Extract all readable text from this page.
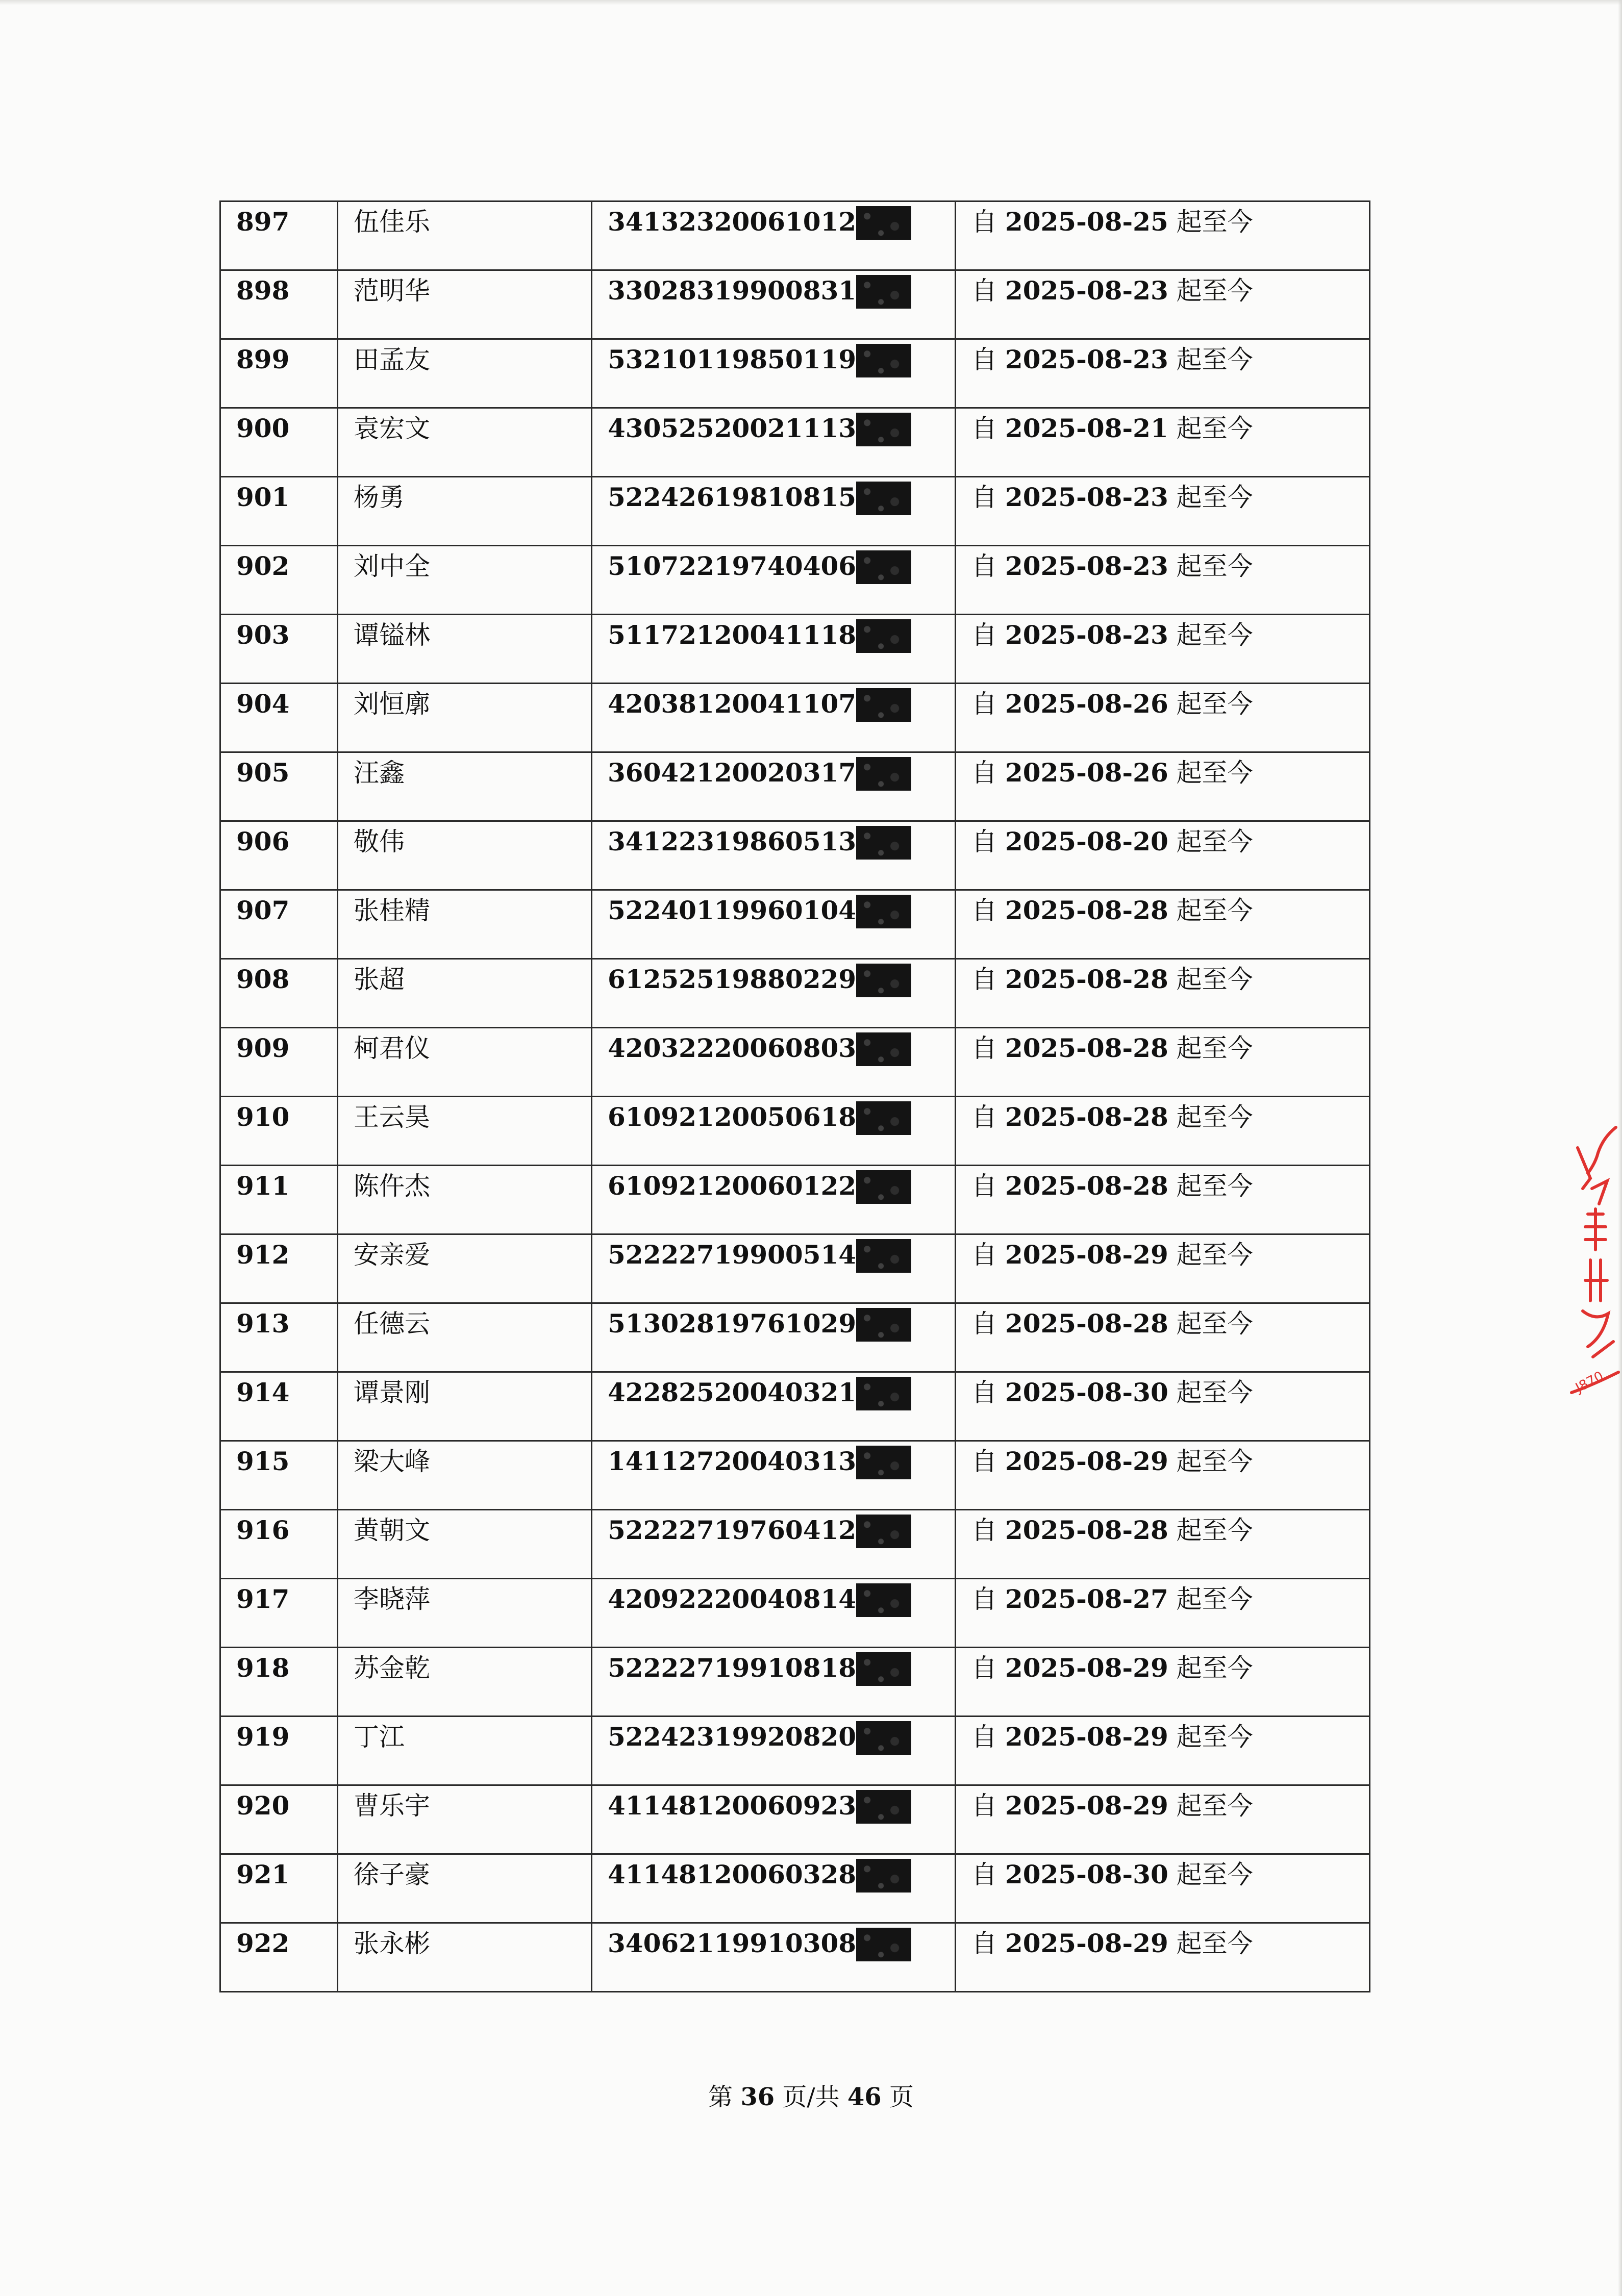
897	伍佳乐	34132320061012	自 2025-08-25 起至今

898	范明华	33028319900831	自 2025-08-23 起至今

899	田孟友	53210119850119	自 2025-08-23 起至今

900	袁宏文	43052520021113	自 2025-08-21 起至今

901	杨勇	52242619810815	自 2025-08-23 起至今

902	刘中全	51072219740406	自 2025-08-23 起至今

903	谭镒林	51172120041118	自 2025-08-23 起至今

904	刘恒廓	42038120041107	自 2025-08-26 起至今

905	汪鑫	36042120020317	自 2025-08-26 起至今

906	敬伟	34122319860513	自 2025-08-20 起至今

907	张桂精	52240119960104	自 2025-08-28 起至今

908	张超	61252519880229	自 2025-08-28 起至今

909	柯君仪	42032220060803	自 2025-08-28 起至今

910	王云昊	61092120050618	自 2025-08-28 起至今

911	陈仵杰	61092120060122	自 2025-08-28 起至今

912	安亲爱	52222719900514	自 2025-08-29 起至今

913	任德云	51302819761029	自 2025-08-28 起至今

914	谭景刚	42282520040321	自 2025-08-30 起至今

915	梁大峰	14112720040313	自 2025-08-29 起至今

916	黄朝文	52222719760412	自 2025-08-28 起至今

917	李晓萍	42092220040814	自 2025-08-27 起至今

918	苏金乾	52222719910818	自 2025-08-29 起至今

919	丁江	52242319920820	自 2025-08-29 起至今

920	曹乐宇	41148120060923	自 2025-08-29 起至今

921	徐子豪	41148120060328	自 2025-08-30 起至今

922	张永彬	34062119910308	自 2025-08-29 起至今
J870
第 36 页/共 46 页
